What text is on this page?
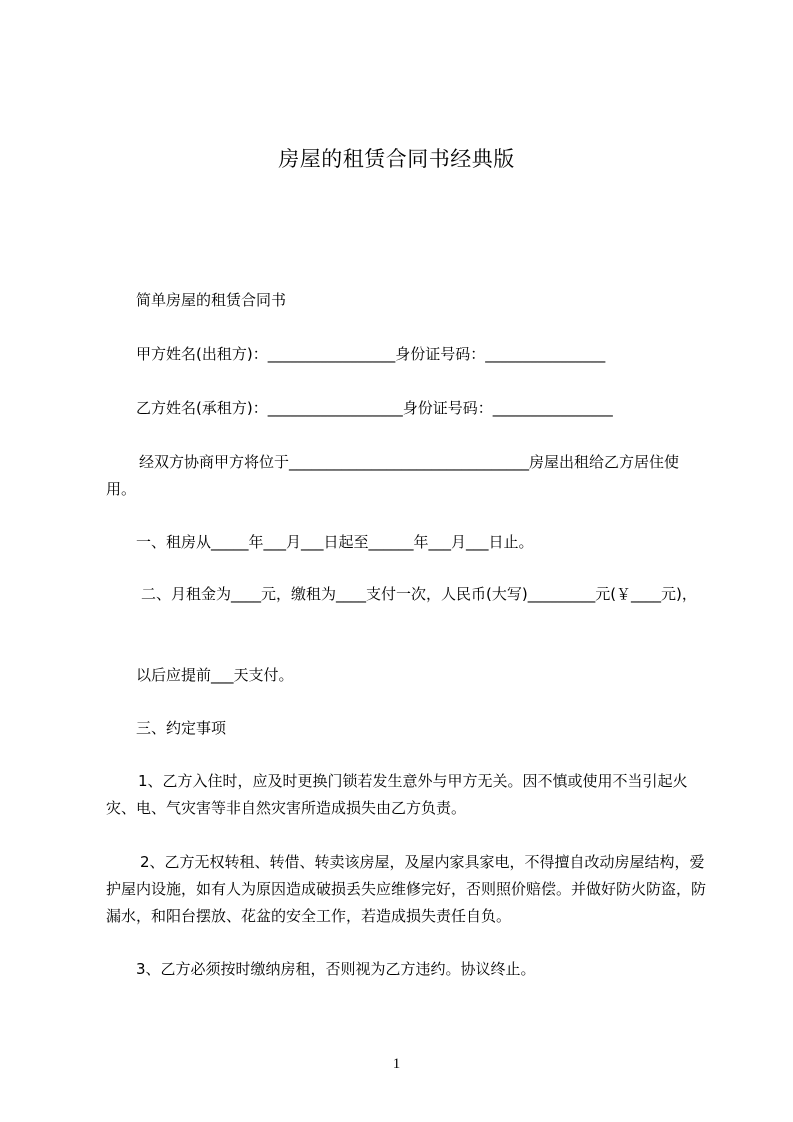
房屋的租赁合同书经典版
简单房屋的租赁合同书
甲方姓名(出租方)：_________________身份证号码：________________
乙方姓名(承租方)：__________________身份证号码：________________
经双方协商甲方将位于________________________________房屋出租给乙方居住使用。
一、租房从_____年___月___日起至______年___月___日止。
二、月租金为____元，缴租为____支付一次，人民币(大写)_________元(￥____元)，
以后应提前___天支付。
三、约定事项
1、乙方入住时，应及时更换门锁若发生意外与甲方无关。因不慎或使用不当引起火灾、电、气灾害等非自然灾害所造成损失由乙方负责。
2、乙方无权转租、转借、转卖该房屋，及屋内家具家电，不得擅自改动房屋结构，爱护屋内设施，如有人为原因造成破损丢失应维修完好，否则照价赔偿。并做好防火防盗，防漏水，和阳台摆放、花盆的安全工作，若造成损失责任自负。
3、乙方必须按时缴纳房租，否则视为乙方违约。协议终止。
1
